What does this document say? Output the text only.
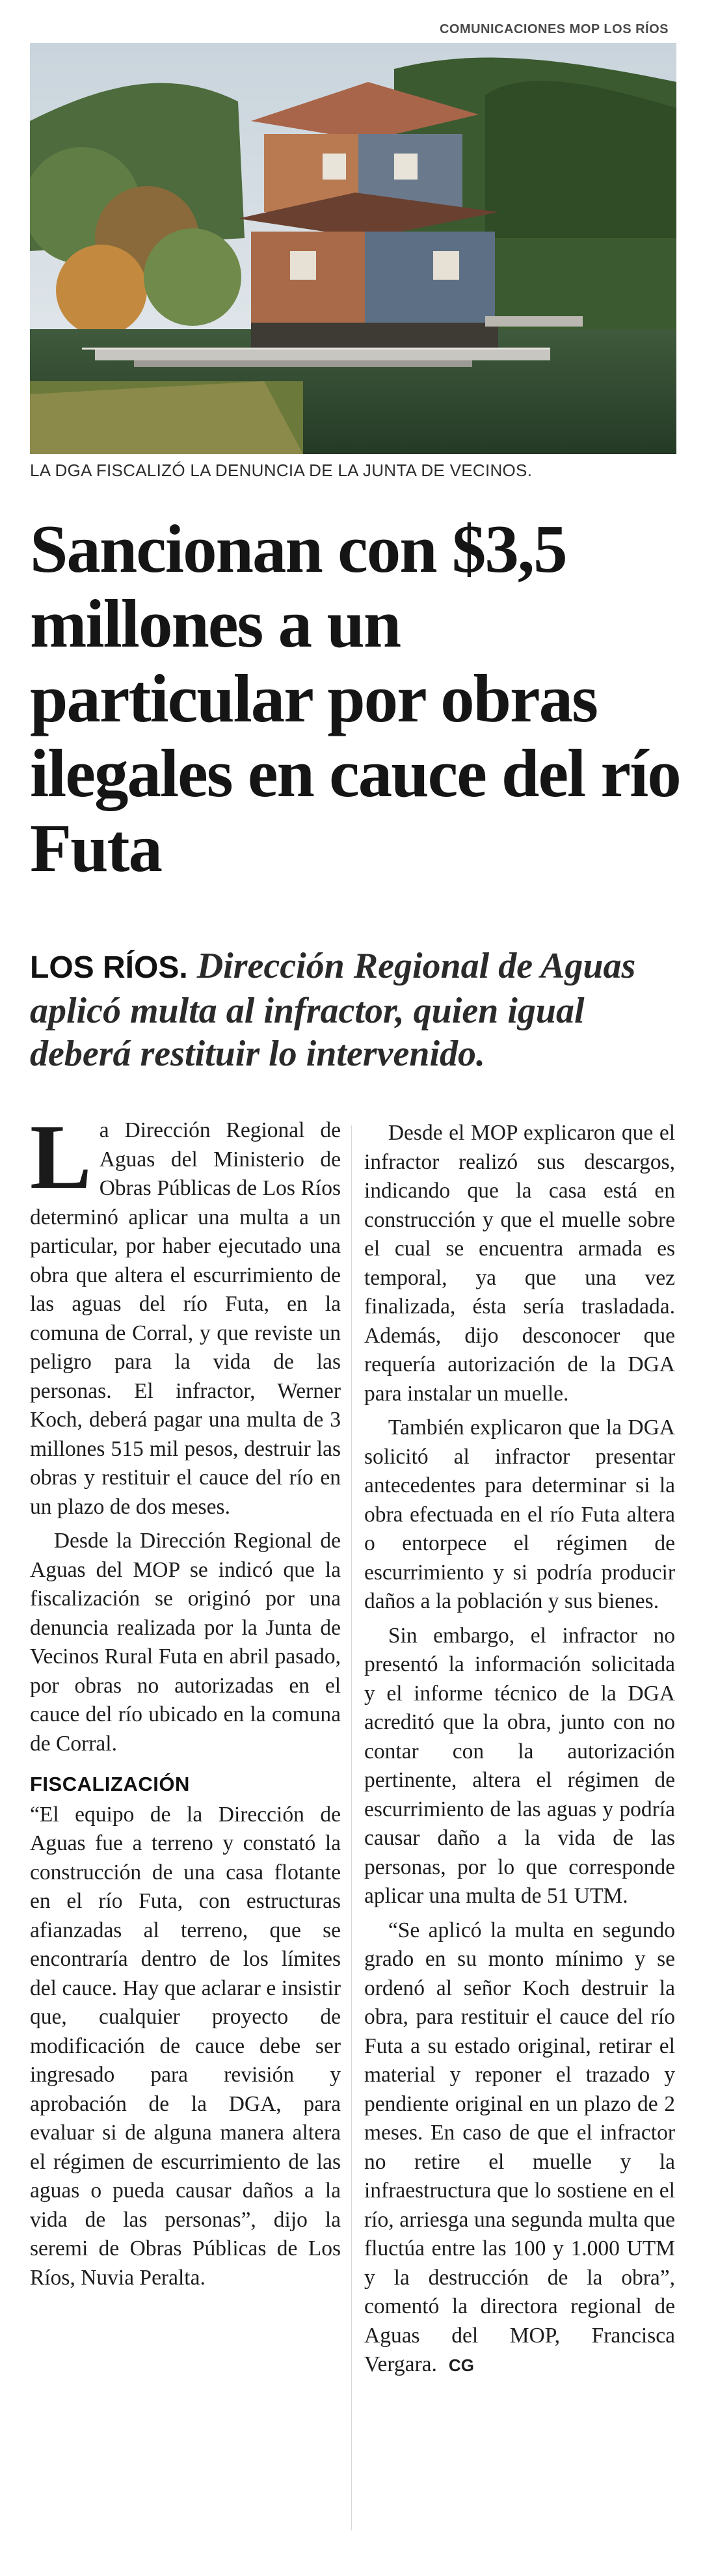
COMUNICACIONES MOP LOS RÍOS
LA DGA FISCALIZÓ LA DENUNCIA DE LA JUNTA DE VECINOS.
Sancionan con $3,5 millones a un particular por obras ilegales en cauce del río Futa

LOS RÍOS. Dirección Regional de Aguas aplicó multa al infractor, quien igual deberá restituir lo intervenido.

La Dirección Regional de Aguas del Ministerio de Obras Públicas de Los Ríos determinó aplicar una multa a un particular, por haber ejecutado una obra que altera el escurrimiento de las aguas del río Futa, en la comuna de Corral, y que reviste un peligro para la vida de las personas. El infractor, Werner Koch, deberá pagar una multa de 3 millones 515 mil pesos, destruir las obras y restituir el cauce del río en un plazo de dos meses.

Desde la Dirección Regional de Aguas del MOP se indicó que la fiscalización se originó por una denuncia realizada por la Junta de Vecinos Rural Futa en abril pasado, por obras no autorizadas en el cauce del río ubicado en la comuna de Corral.

FISCALIZACIÓN

“El equipo de la Dirección de Aguas fue a terreno y constató la construcción de una casa flotante en el río Futa, con estructuras afianzadas al terreno, que se encontraría dentro de los límites del cauce. Hay que aclarar e insistir que, cualquier proyecto de modificación de cauce debe ser ingresado para revisión y aprobación de la DGA, para evaluar si de alguna manera altera el régimen de escurrimiento de las aguas o pueda causar daños a la vida de las personas”, dijo la seremi de Obras Públicas de Los Ríos, Nuvia Peralta.

Desde el MOP explicaron que el infractor realizó sus descargos, indicando que la casa está en construcción y que el muelle sobre el cual se encuentra armada es temporal, ya que una vez finalizada, ésta sería trasladada. Además, dijo desconocer que requería autorización de la DGA para instalar un muelle.

También explicaron que la DGA solicitó al infractor presentar antecedentes para determinar si la obra efectuada en el río Futa altera o entorpece el régimen de escurrimiento y si podría producir daños a la población y sus bienes.

Sin embargo, el infractor no presentó la información solicitada y el informe técnico de la DGA acreditó que la obra, junto con no contar con la autorización pertinente, altera el régimen de escurrimiento de las aguas y podría causar daño a la vida de las personas, por lo que corresponde aplicar una multa de 51 UTM.

“Se aplicó la multa en segundo grado en su monto mínimo y se ordenó al señor Koch destruir la obra, para restituir el cauce del río Futa a su estado original, retirar el material y reponer el trazado y pendiente original en un plazo de 2 meses. En caso de que el infractor no retire el muelle y la infraestructura que lo sostiene en el río, arriesga una segunda multa que fluctúa entre las 100 y 1.000 UTM y la destrucción de la obra”, comentó la directora regional de Aguas del MOP, Francisca Vergara. CG
